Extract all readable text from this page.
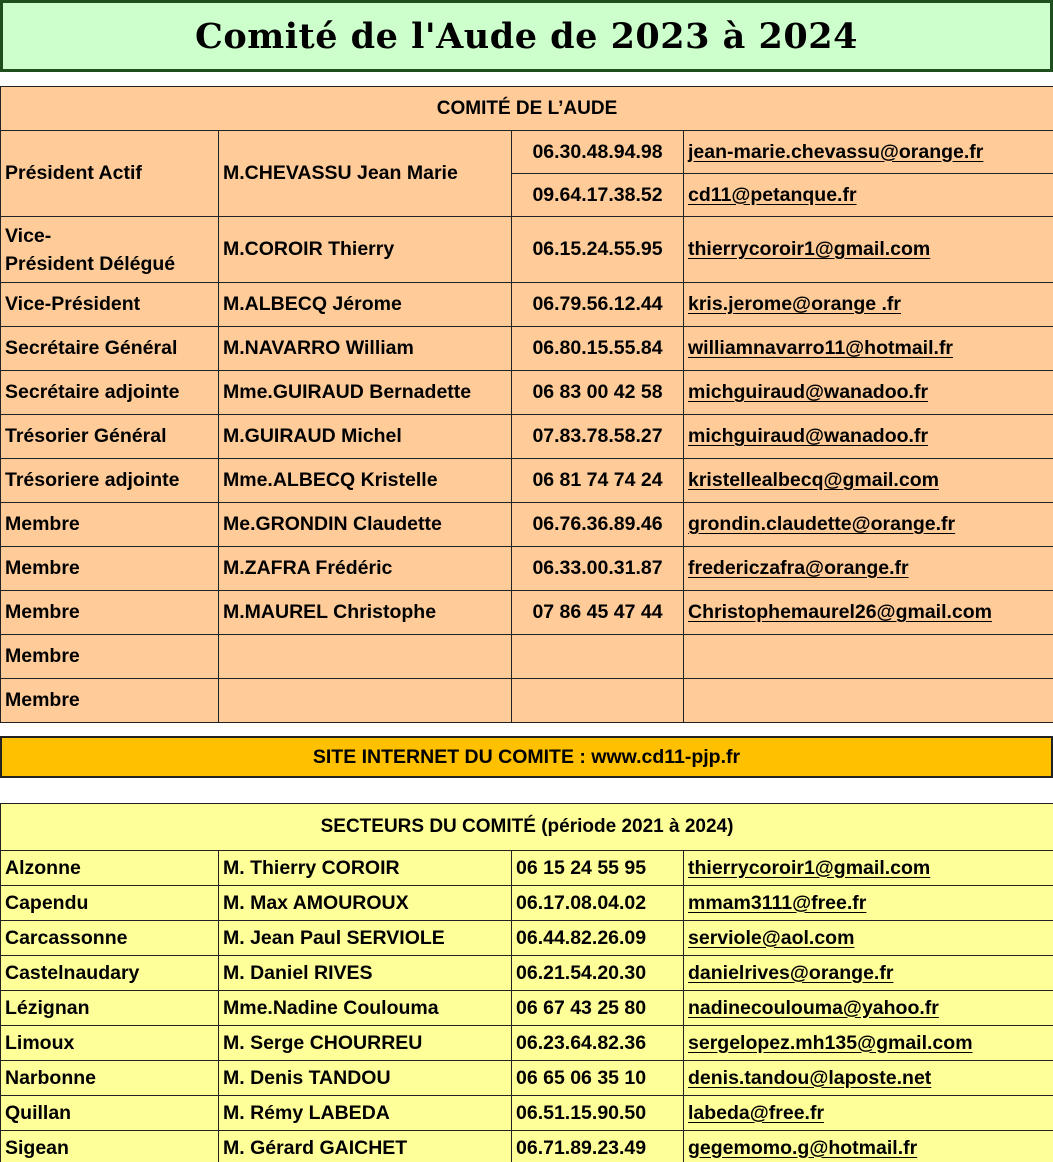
Comité de l'Aude de 2023 à 2024
COMITÉ DE L’AUDE			
Président Actif	M.CHEVASSU Jean Marie	06.30.48.94.98	jean-marie.chevassu@orange.fr
		09.64.17.38.52	cd11@petanque.fr
Vice-
Président Délégué	M.COROIR Thierry	06.15.24.55.95	thierrycoroir1@gmail.com
Vice-Président	M.ALBECQ Jérome	06.79.56.12.44	kris.jerome@orange .fr
Secrétaire Général	M.NAVARRO William	06.80.15.55.84	williamnavarro11@hotmail.fr
Secrétaire adjointe	Mme.GUIRAUD Bernadette	06 83 00 42 58	michguiraud@wanadoo.fr
Trésorier Général	M.GUIRAUD Michel	07.83.78.58.27	michguiraud@wanadoo.fr
Trésoriere adjointe	Mme.ALBECQ Kristelle	06 81 74 74 24	kristellealbecq@gmail.com
Membre	Me.GRONDIN Claudette	06.76.36.89.46	grondin.claudette@orange.fr
Membre	M.ZAFRA Frédéric	06.33.00.31.87	fredericzafra@orange.fr
Membre	M.MAUREL Christophe	07 86 45 47 44	Christophemaurel26@gmail.com
Membre			
Membre			
SITE INTERNET DU COMITE : www.cd11-pjp.fr
SECTEURS DU COMITÉ (période 2021 à 2024)			
Alzonne	M. Thierry COROIR	06 15 24 55 95	thierrycoroir1@gmail.com
Capendu	M. Max AMOUROUX	06.17.08.04.02	mmam3111@free.fr
Carcassonne	M. Jean Paul SERVIOLE	06.44.82.26.09	serviole@aol.com
Castelnaudary	M. Daniel RIVES	06.21.54.20.30	danielrives@orange.fr
Lézignan	Mme.Nadine Coulouma	06 67 43 25 80	nadinecoulouma@yahoo.fr
Limoux	M. Serge CHOURREU	06.23.64.82.36	sergelopez.mh135@gmail.com
Narbonne	M. Denis TANDOU	06 65 06 35 10	denis.tandou@laposte.net
Quillan	M. Rémy LABEDA	06.51.15.90.50	labeda@free.fr
Sigean	M. Gérard GAICHET	06.71.89.23.49	gegemomo.g@hotmail.fr
